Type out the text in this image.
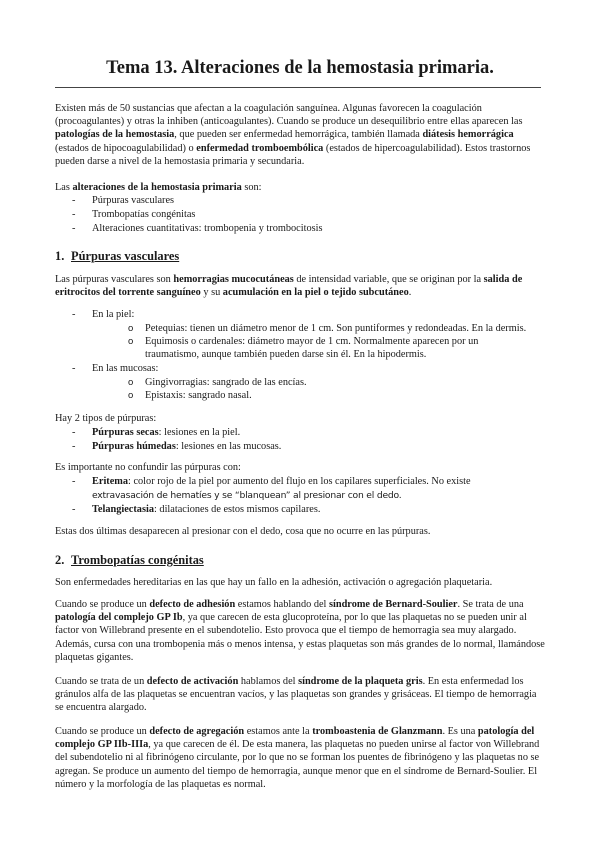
Tema 13. Alteraciones de la hemostasia primaria.

Existen más de 50 sustancias que afectan a la coagulación sanguínea. Algunas favorecen la coagulación (procoagulantes) y otras la inhiben (anticoagulantes). Cuando se produce un desequilibrio entre ellas aparecen las patologías de la hemostasia, que pueden ser enfermedad hemorrágica, también llamada diátesis hemorrágica (estados de hipocoagulabilidad) o enfermedad tromboembólica (estados de hipercoagulabilidad). Estos trastornos pueden darse a nivel de la hemostasia primaria y secundaria.

Las alteraciones de la hemostasia primaria son:

- Púrpuras vasculares
- Trombopatías congénitas
- Alteraciones cuantitativas: trombopenia y trombocitosis
1. Púrpuras vasculares

Las púrpuras vasculares son hemorragias mucocutáneas de intensidad variable, que se originan por la salida de eritrocitos del torrente sanguíneo y su acumulación en la piel o tejido subcutáneo.

- En la piel:
o Petequias: tienen un diámetro menor de 1 cm. Son puntiformes y redondeadas. En la dermis.
o Equimosis o cardenales: diámetro mayor de 1 cm. Normalmente aparecen por un
traumatismo, aunque también pueden darse sin él. En la hipodermis.
- En las mucosas:
o Gingivorragias: sangrado de las encías.
o Epistaxis: sangrado nasal.

Hay 2 tipos de púrpuras:

- Púrpuras secas: lesiones en la piel.
- Púrpuras húmedas: lesiones en las mucosas.

Es importante no confundir las púrpuras con:

- Eritema: color rojo de la piel por aumento del flujo en los capilares superficiales. No existe
extravasación de hematíes y se “blanquean” al presionar con el dedo.
- Telangiectasia: dilataciones de estos mismos capilares.

Estas dos últimas desaparecen al presionar con el dedo, cosa que no ocurre en las púrpuras.

2. Trombopatías congénitas

Son enfermedades hereditarias en las que hay un fallo en la adhesión, activación o agregación plaquetaria.

Cuando se produce un defecto de adhesión estamos hablando del síndrome de Bernard-Soulier. Se trata de una patología del complejo GP Ib, ya que carecen de esta glucoproteína, por lo que las plaquetas no se pueden unir al factor von Willebrand presente en el subendotelio. Esto provoca que el tiempo de hemorragia sea muy alargado. Además, cursa con una trombopenia más o menos intensa, y estas plaquetas son más grandes de lo normal, llamándose plaquetas gigantes.

Cuando se trata de un defecto de activación hablamos del síndrome de la plaqueta gris. En esta enfermedad los gránulos alfa de las plaquetas se encuentran vacíos, y las plaquetas son grandes y grisáceas. El tiempo de hemorragia se encuentra alargado.

Cuando se produce un defecto de agregación estamos ante la tromboastenia de Glanzmann. Es una patología del complejo GP IIb-IIIa, ya que carecen de él. De esta manera, las plaquetas no pueden unirse al factor von Willebrand del subendotelio ni al fibrinógeno circulante, por lo que no se forman los puentes de fibrinógeno y las plaquetas no se agregan. Se produce un aumento del tiempo de hemorragia, aunque menor que en el síndrome de Bernard-Soulier. El número y la morfología de las plaquetas es normal.
